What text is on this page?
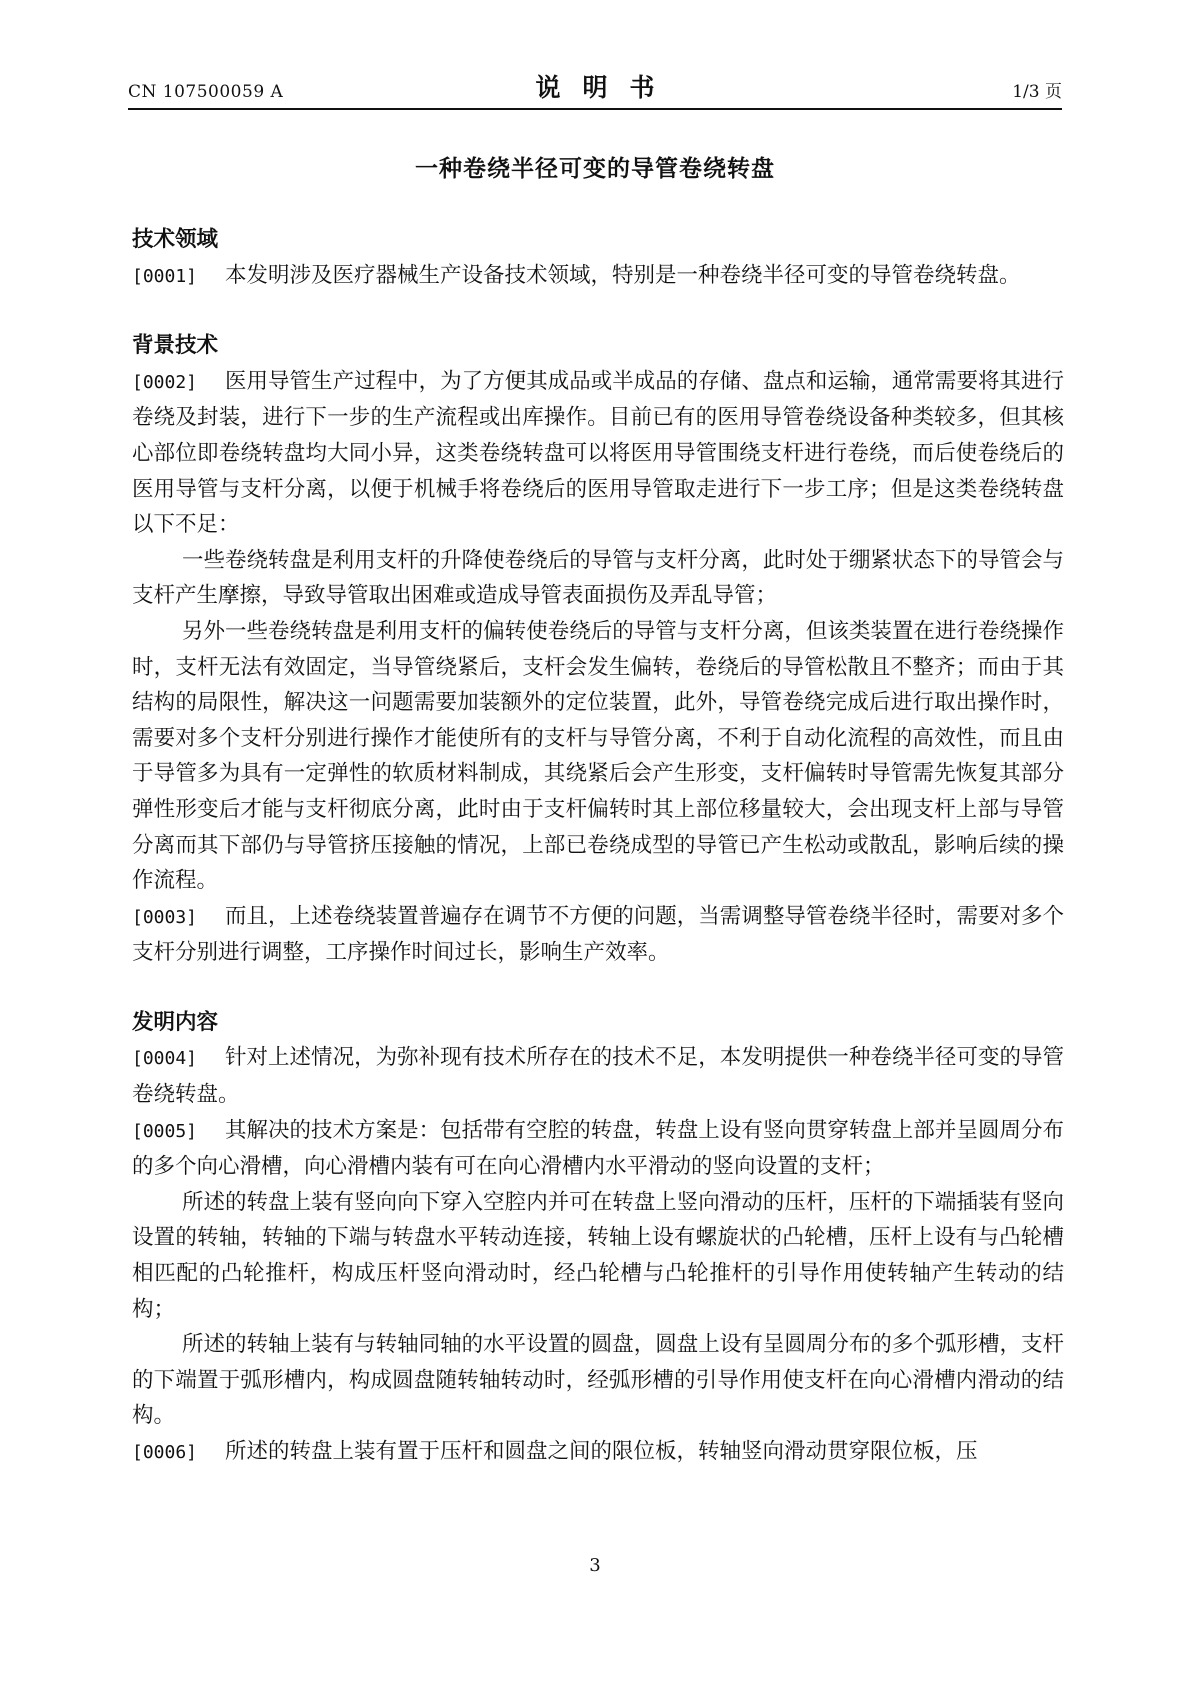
CN 107500059 A	说明书	1/3 页
一种卷绕半径可变的导管卷绕转盘

技术领域

[0001] 本发明涉及医疗器械生产设备技术领域，特别是一种卷绕半径可变的导管卷绕转盘。

背景技术

[0002] 医用导管生产过程中，为了方便其成品或半成品的存储、盘点和运输，通常需要将其进行卷绕及封装，进行下一步的生产流程或出库操作。目前已有的医用导管卷绕设备种类较多，但其核心部位即卷绕转盘均大同小异，这类卷绕转盘可以将医用导管围绕支杆进行卷绕，而后使卷绕后的医用导管与支杆分离，以便于机械手将卷绕后的医用导管取走进行下一步工序；但是这类卷绕转盘以下不足：

一些卷绕转盘是利用支杆的升降使卷绕后的导管与支杆分离，此时处于绷紧状态下的导管会与支杆产生摩擦，导致导管取出困难或造成导管表面损伤及弄乱导管；

另外一些卷绕转盘是利用支杆的偏转使卷绕后的导管与支杆分离，但该类装置在进行卷绕操作时，支杆无法有效固定，当导管绕紧后，支杆会发生偏转，卷绕后的导管松散且不整齐；而由于其结构的局限性，解决这一问题需要加装额外的定位装置，此外，导管卷绕完成后进行取出操作时，需要对多个支杆分别进行操作才能使所有的支杆与导管分离，不利于自动化流程的高效性，而且由于导管多为具有一定弹性的软质材料制成，其绕紧后会产生形变，支杆偏转时导管需先恢复其部分弹性形变后才能与支杆彻底分离，此时由于支杆偏转时其上部位移量较大，会出现支杆上部与导管分离而其下部仍与导管挤压接触的情况，上部已卷绕成型的导管已产生松动或散乱，影响后续的操作流程。

[0003] 而且，上述卷绕装置普遍存在调节不方便的问题，当需调整导管卷绕半径时，需要对多个支杆分别进行调整，工序操作时间过长，影响生产效率。

发明内容

[0004] 针对上述情况，为弥补现有技术所存在的技术不足，本发明提供一种卷绕半径可变的导管卷绕转盘。

[0005] 其解决的技术方案是：包括带有空腔的转盘，转盘上设有竖向贯穿转盘上部并呈圆周分布的多个向心滑槽，向心滑槽内装有可在向心滑槽内水平滑动的竖向设置的支杆；

所述的转盘上装有竖向向下穿入空腔内并可在转盘上竖向滑动的压杆，压杆的下端插装有竖向设置的转轴，转轴的下端与转盘水平转动连接，转轴上设有螺旋状的凸轮槽，压杆上设有与凸轮槽相匹配的凸轮推杆，构成压杆竖向滑动时，经凸轮槽与凸轮推杆的引导作用使转轴产生转动的结构；

所述的转轴上装有与转轴同轴的水平设置的圆盘，圆盘上设有呈圆周分布的多个弧形槽，支杆的下端置于弧形槽内，构成圆盘随转轴转动时，经弧形槽的引导作用使支杆在向心滑槽内滑动的结构。

[0006] 所述的转盘上装有置于压杆和圆盘之间的限位板，转轴竖向滑动贯穿限位板，压

3
